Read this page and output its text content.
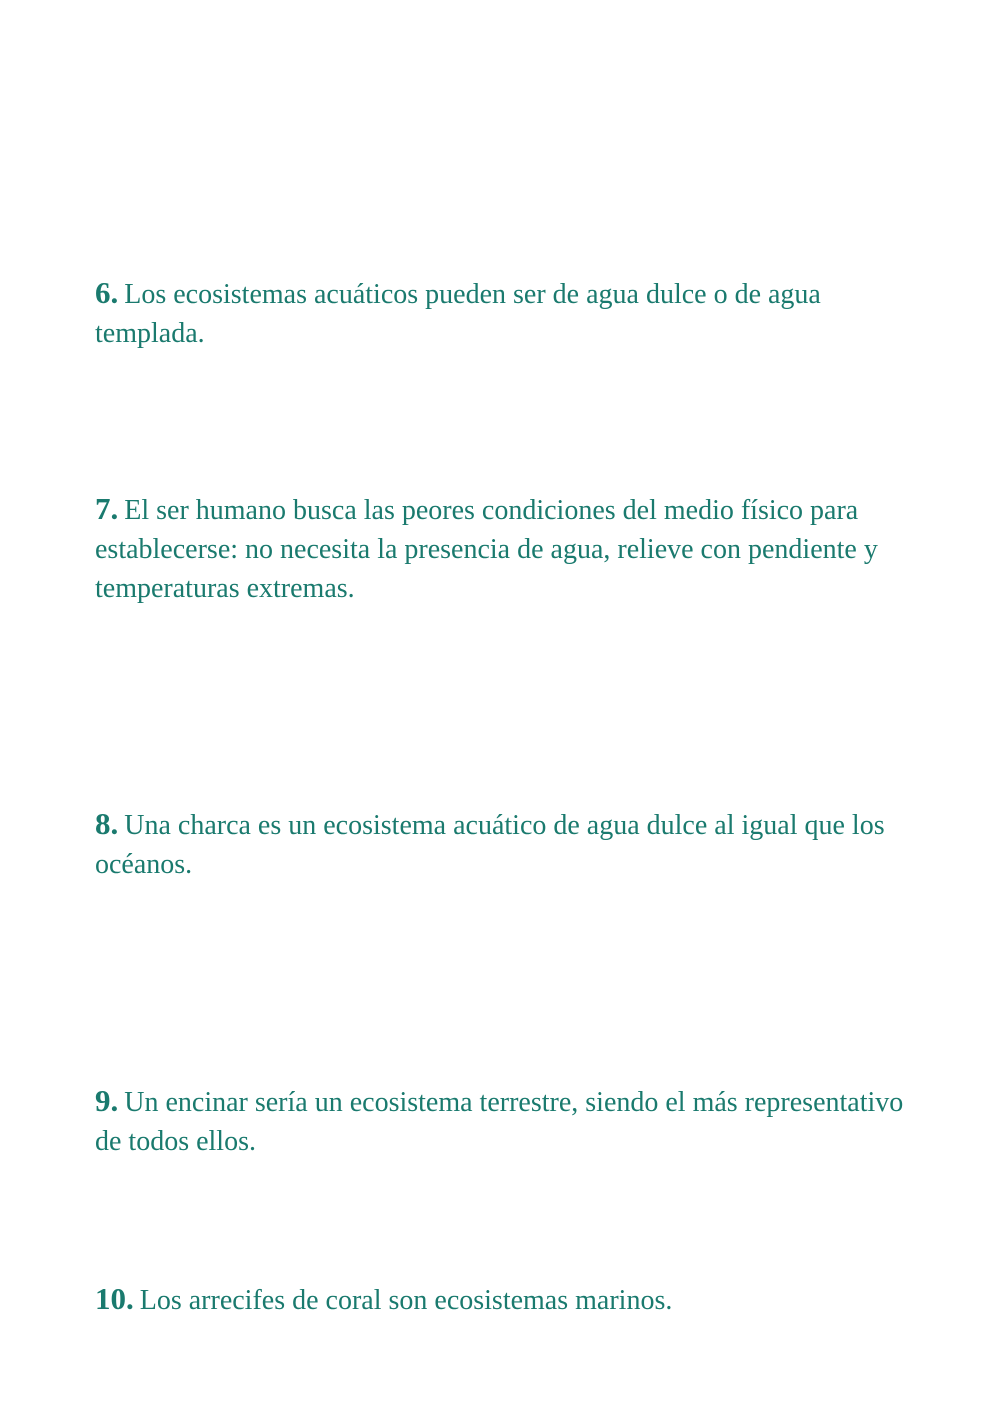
6. Los ecosistemas acuáticos pueden ser de agua dulce o de agua templada.

7. El ser humano busca las peores condiciones del medio físico para establecerse: no necesita la presencia de agua, relieve con pendiente y temperaturas extremas.

8. Una charca es un ecosistema acuático de agua dulce al igual que los océanos.

9. Un encinar sería un ecosistema terrestre, siendo el más representativo de todos ellos.

10. Los arrecifes de coral son ecosistemas marinos.
